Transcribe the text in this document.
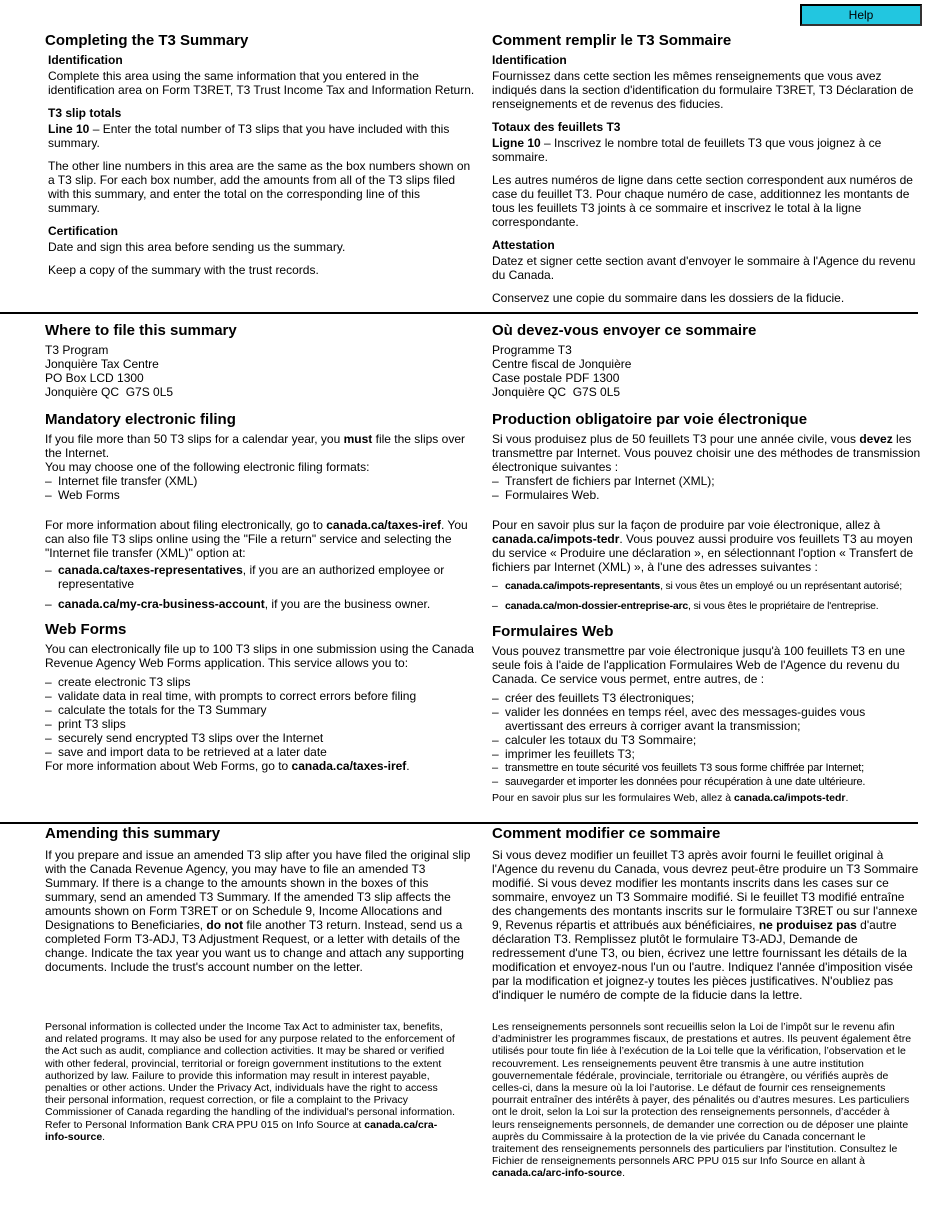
Help
Completing the T3 Summary
Identification

Complete this area using the same information that you entered in the identification area on Form T3RET, T3 Trust Income Tax and Information Return.

T3 slip totals

Line 10 – Enter the total number of T3 slips that you have included with this summary.

The other line numbers in this area are the same as the box numbers shown on a T3 slip. For each box number, add the amounts from all of the T3 slips filed with this summary, and enter the total on the corresponding line of this summary.

Certification

Date and sign this area before sending us the summary.

Keep a copy of the summary with the trust records.

Comment remplir le T3 Sommaire
Identification

Fournissez dans cette section les mêmes renseignements que vous avez indiqués dans la section d'identification du formulaire T3RET, T3 Déclaration de renseignements et de revenus des fiducies.

Totaux des feuillets T3

Ligne 10 – Inscrivez le nombre total de feuillets T3 que vous joignez à ce sommaire.

Les autres numéros de ligne dans cette section correspondent aux numéros de case du feuillet T3. Pour chaque numéro de case, additionnez les montants de tous les feuillets T3 joints à ce sommaire et inscrivez le total à la ligne correspondante.

Attestation

Datez et signer cette section avant d'envoyer le sommaire à l'Agence du revenu du Canada.

Conservez une copie du sommaire dans les dossiers de la fiducie.

Where to file this summary
T3 Program
Jonquière Tax Centre
PO Box LCD 1300
Jonquière QC  G7S 0L5
Mandatory electronic filing

If you file more than 50 T3 slips for a calendar year, you must file the slips over the Internet.

You may choose one of the following electronic filing formats:

– Internet file transfer (XML)
– Web Forms

For more information about filing electronically, go to canada.ca/taxes-iref. You can also file T3 slips online using the "File a return" service and selecting the "Internet file transfer (XML)" option at:

– canada.ca/taxes-representatives, if you are an authorized employee or representative
– canada.ca/my-cra-business-account, if you are the business owner.
Web Forms

You can electronically file up to 100 T3 slips in one submission using the Canada Revenue Agency Web Forms application. This service allows you to:

– create electronic T3 slips
– validate data in real time, with prompts to correct errors before filing
– calculate the totals for the T3 Summary
– print T3 slips
– securely send encrypted T3 slips over the Internet
– save and import data to be retrieved at a later date

For more information about Web Forms, go to canada.ca/taxes-iref.

Où devez-vous envoyer ce sommaire
Programme T3
Centre fiscal de Jonquière
Case postale PDF 1300
Jonquière QC  G7S 0L5
Production obligatoire par voie électronique

Si vous produisez plus de 50 feuillets T3 pour une année civile, vous devez les transmettre par Internet. Vous pouvez choisir une des méthodes de transmission électronique suivantes :

– Transfert de fichiers par Internet (XML);
– Formulaires Web.

Pour en savoir plus sur la façon de produire par voie électronique, allez à canada.ca/impots-tedr. Vous pouvez aussi produire vos feuillets T3 au moyen du service « Produire une déclaration », en sélectionnant l'option « Transfert de fichiers par Internet (XML) », à l'une des adresses suivantes :

– canada.ca/impots-representants, si vous êtes un employé ou un représentant autorisé;
– canada.ca/mon-dossier-entreprise-arc, si vous êtes le propriétaire de l'entreprise.
Formulaires Web

Vous pouvez transmettre par voie électronique jusqu'à 100 feuillets T3 en une seule fois à l'aide de l'application Formulaires Web de l'Agence du revenu du Canada. Ce service vous permet, entre autres, de :

– créer des feuillets T3 électroniques;
– valider les données en temps réel, avec des messages-guides vous avertissant des erreurs à corriger avant la transmission;
– calculer les totaux du T3 Sommaire;
– imprimer les feuillets T3;
– transmettre en toute sécurité vos feuillets T3 sous forme chiffrée par Internet;
– sauvegarder et importer les données pour récupération à une date ultérieure.

Pour en savoir plus sur les formulaires Web, allez à canada.ca/impots-tedr.

Amending this summary

If you prepare and issue an amended T3 slip after you have filed the original slip with the Canada Revenue Agency, you may have to file an amended T3 Summary. If there is a change to the amounts shown in the boxes of this summary, send an amended T3 Summary. If the amended T3 slip affects the amounts shown on Form T3RET or on Schedule 9, Income Allocations and Designations to Beneficiaries, do not file another T3 return. Instead, send us a completed Form T3-ADJ, T3 Adjustment Request, or a letter with details of the change. Indicate the tax year you want us to change and attach any supporting documents. Include the trust's account number on the letter.

Comment modifier ce sommaire

Si vous devez modifier un feuillet T3 après avoir fourni le feuillet original à l'Agence du revenu du Canada, vous devrez peut-être produire un T3 Sommaire modifié. Si vous devez modifier les montants inscrits dans les cases sur ce sommaire, envoyez un T3 Sommaire modifié. Si le feuillet T3 modifié entraîne des changements des montants inscrits sur le formulaire T3RET ou sur l'annexe 9, Revenus répartis et attribués aux bénéficiaires, ne produisez pas d'autre déclaration T3. Remplissez plutôt le formulaire T3-ADJ, Demande de redressement d'une T3, ou bien, écrivez une lettre fournissant les détails de la modification et envoyez-nous l'un ou l'autre. Indiquez l'année d'imposition visée par la modification et joignez-y toutes les pièces justificatives. N'oubliez pas d'indiquer le numéro de compte de la fiducie dans la lettre.

Personal information is collected under the Income Tax Act to administer tax, benefits, and related programs. It may also be used for any purpose related to the enforcement of the Act such as audit, compliance and collection activities. It may be shared or verified with other federal, provincial, territorial or foreign government institutions to the extent authorized by law. Failure to provide this information may result in interest payable, penalties or other actions. Under the Privacy Act, individuals have the right to access their personal information, request correction, or file a complaint to the Privacy Commissioner of Canada regarding the handling of the individual's personal information. Refer to Personal Information Bank CRA PPU 015 on Info Source at canada.ca/cra-info-source.

Les renseignements personnels sont recueillis selon la Loi de l’impôt sur le revenu afin d’administrer les programmes fiscaux, de prestations et autres. Ils peuvent également être utilisés pour toute fin liée à l’exécution de la Loi telle que la vérification, l’observation et le recouvrement. Les renseignements peuvent être transmis à une autre institution gouvernementale fédérale, provinciale, territoriale ou étrangère, ou vérifiés auprès de celles-ci, dans la mesure où la loi l’autorise. Le défaut de fournir ces renseignements pourrait entraîner des intérêts à payer, des pénalités ou d’autres mesures. Les particuliers ont le droit, selon la Loi sur la protection des renseignements personnels, d’accéder à leurs renseignements personnels, de demander une correction ou de déposer une plainte auprès du Commissaire à la protection de la vie privée du Canada concernant le traitement des renseignements personnels des particuliers par l'institution. Consultez le Fichier de renseignements personnels ARC PPU 015 sur Info Source en allant à canada.ca/arc-info-source.
